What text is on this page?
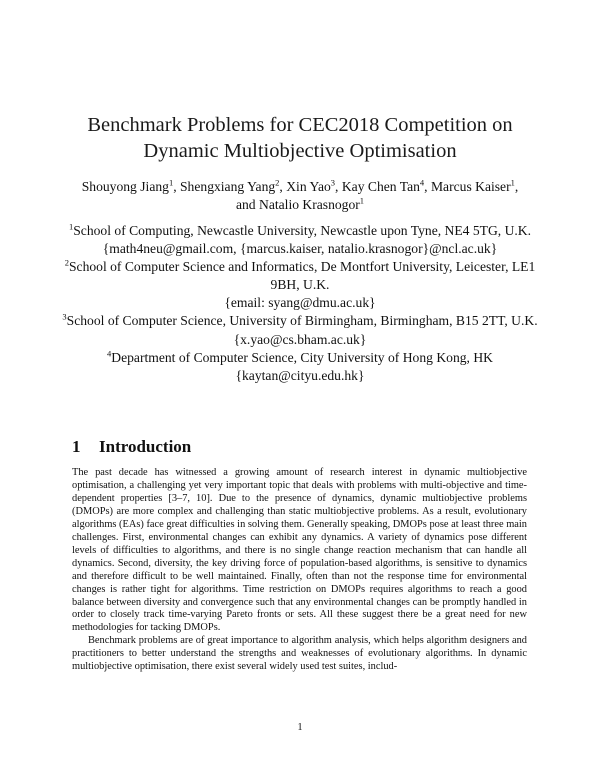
Benchmark Problems for CEC2018 Competition on
Dynamic Multiobjective Optimisation
Shouyong Jiang$^1$, Shengxiang Yang$^2$, Xin Yao$^3$, Kay Chen Tan$^4$, Marcus Kaiser$^1$,
and Natalio Krasnogor$^1$
$^1$School of Computing, Newcastle University, Newcastle upon Tyne, NE4 5TG, U.K.
{math4neu@gmail.com, {marcus.kaiser, natalio.krasnogor}@ncl.ac.uk}
$^2$School of Computer Science and Informatics, De Montfort University, Leicester, LE1 9BH, U.K.
{email: syang@dmu.ac.uk}
$^3$School of Computer Science, University of Birmingham, Birmingham, B15 2TT, U.K.
{x.yao@cs.bham.ac.uk}
$^4$Department of Computer Science, City University of Hong Kong, HK
{kaytan@cityu.edu.hk}
1 Introduction

The past decade has witnessed a growing amount of research interest in dynamic multiobjective optimisation, a challenging yet very important topic that deals with problems with multi-objective and time-dependent properties [3–7, 10]. Due to the presence of dynamics, dynamic multiobjective problems (DMOPs) are more complex and challenging than static multiobjective problems. As a result, evolutionary algorithms (EAs) face great difficulties in solving them. Generally speaking, DMOPs pose at least three main challenges. First, environmental changes can exhibit any dynamics. A variety of dynamics pose different levels of difficulties to algorithms, and there is no single change reaction mechanism that can handle all dynamics. Second, diversity, the key driving force of population-based algorithms, is sensitive to dynamics and therefore difficult to be well maintained. Finally, often than not the response time for environmental changes is rather tight for algorithms. Time restriction on DMOPs requires algorithms to reach a good balance between diversity and convergence such that any environmental changes can be promptly handled in order to closely track time-varying Pareto fronts or sets. All these suggest there be a great need for new methodologies for tacking DMOPs.

Benchmark problems are of great importance to algorithm analysis, which helps algorithm designers and practitioners to better understand the strengths and weaknesses of evolutionary algorithms. In dynamic multiobjective optimisation, there exist several widely used test suites, includ-

1
